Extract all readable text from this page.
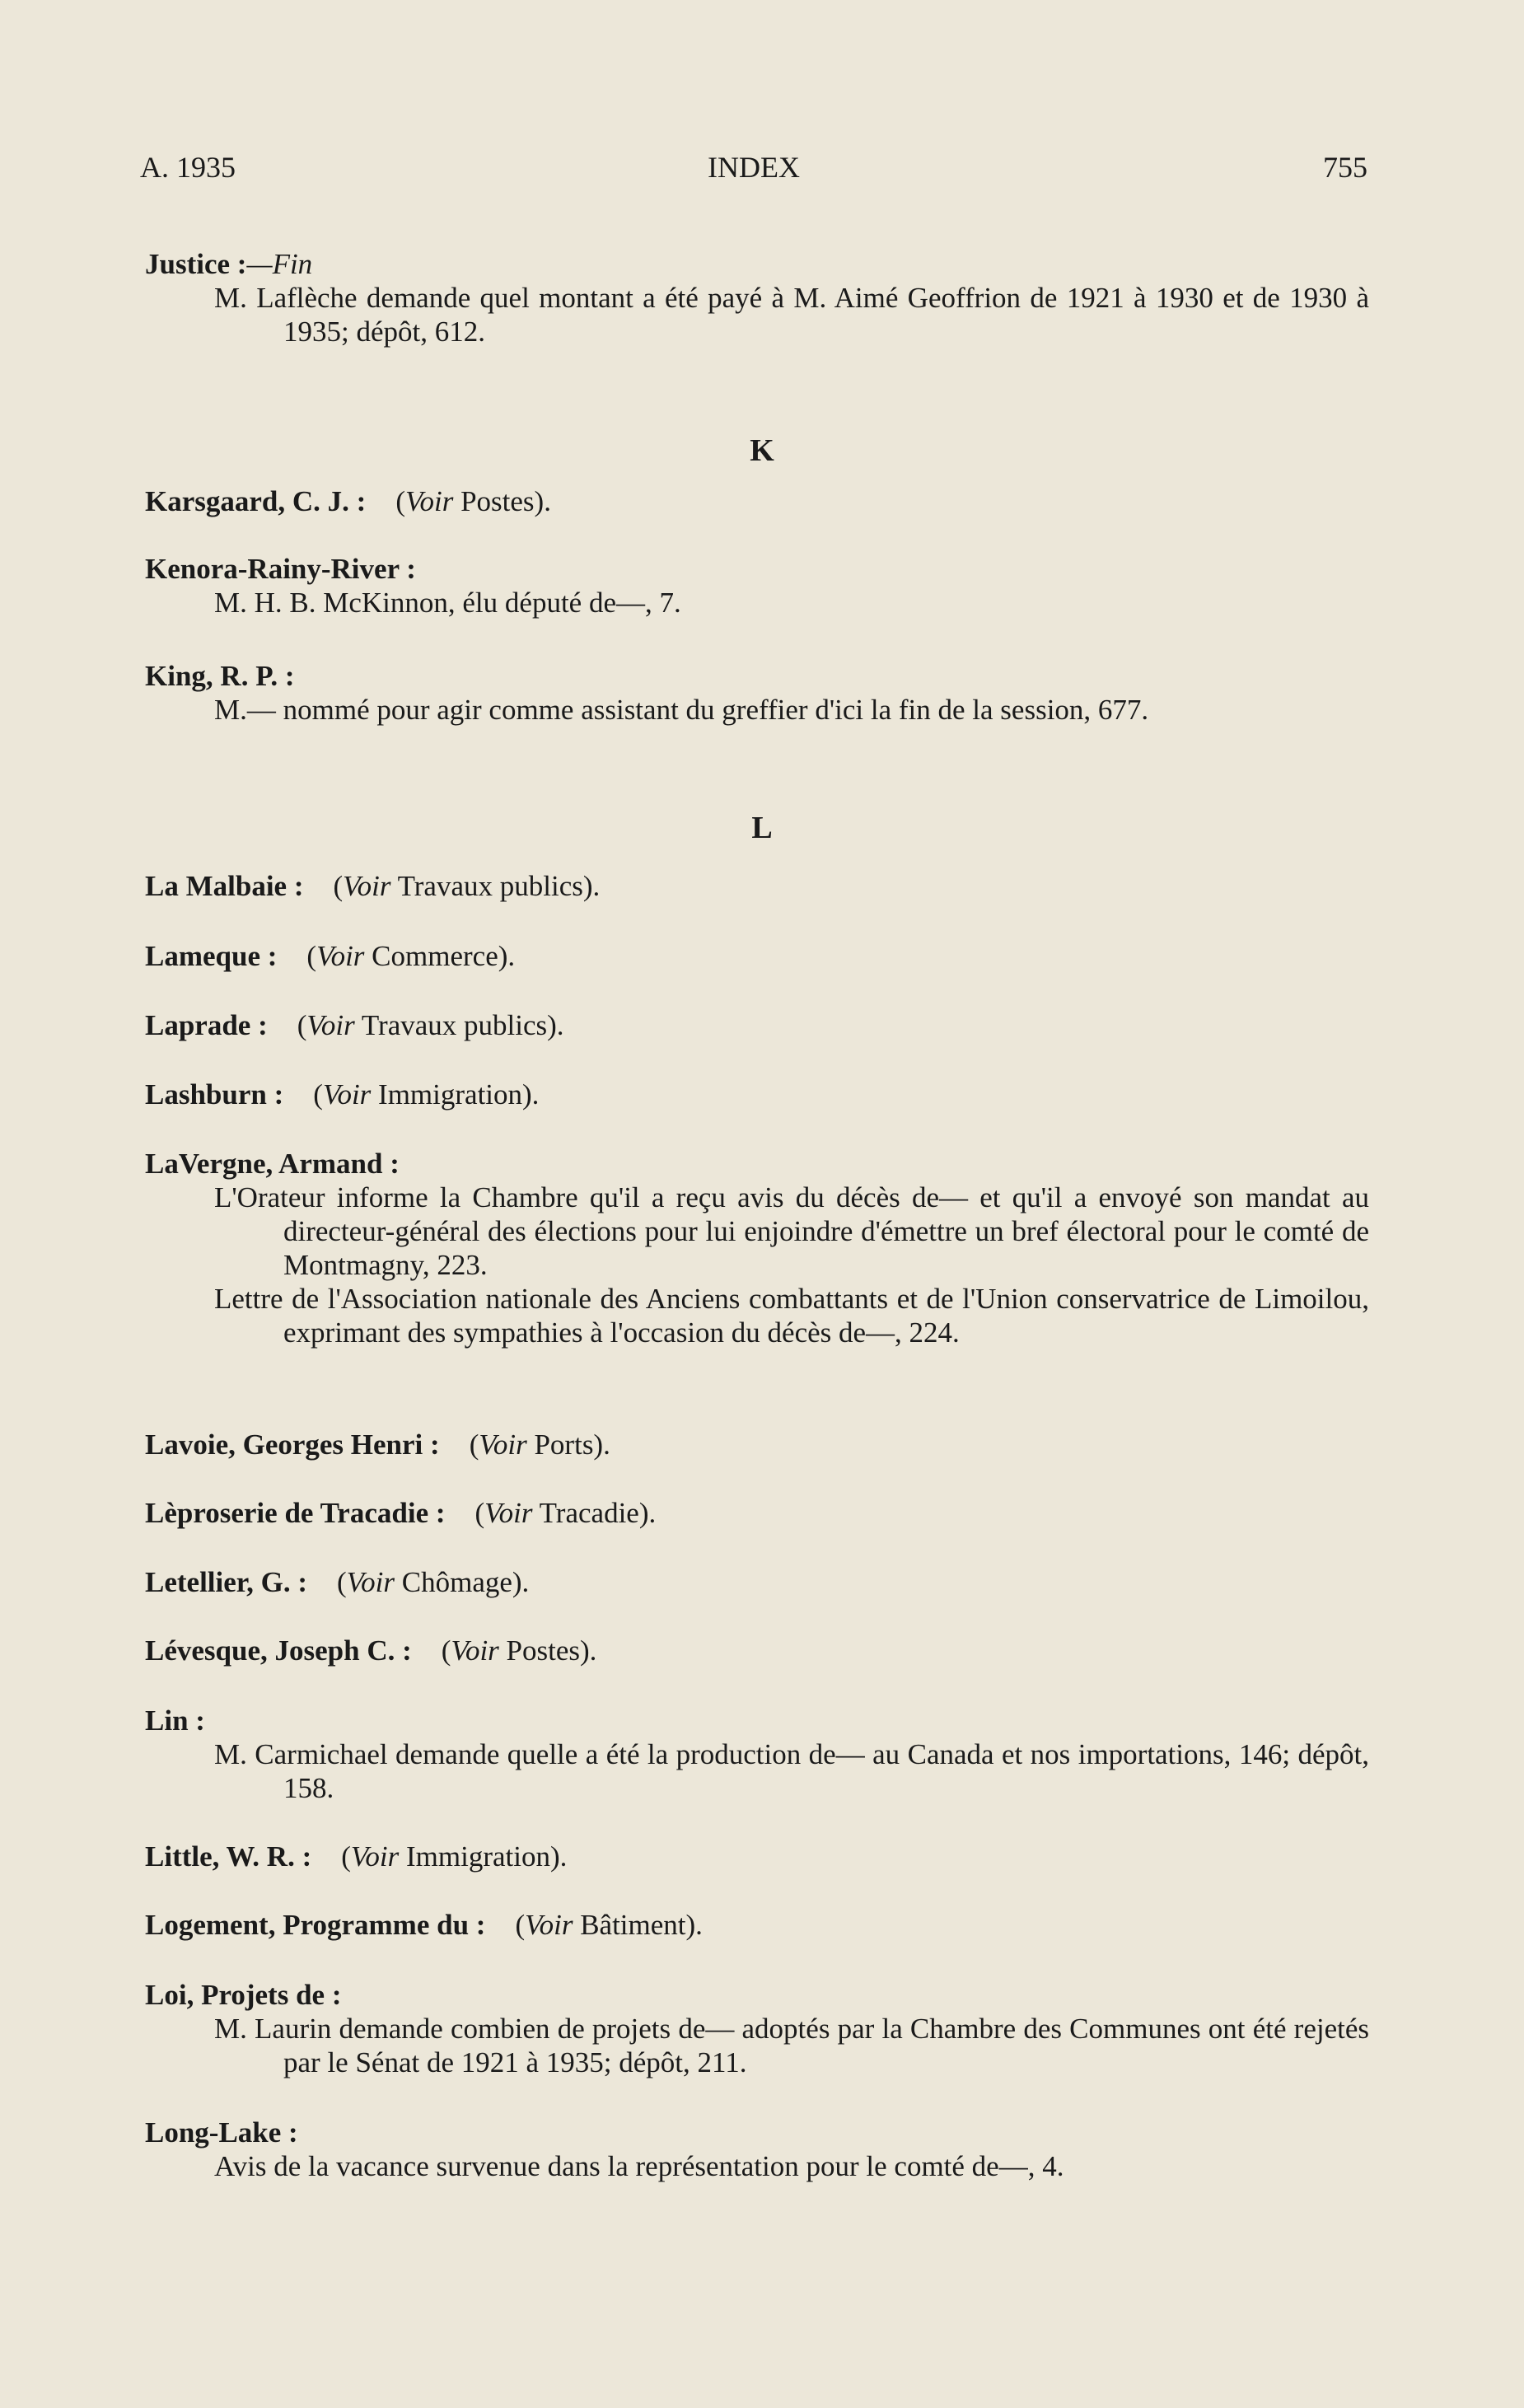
A. 1935	INDEX	755
Justice :—Fin
M. Laflèche demande quel montant a été payé à M. Aimé Geoffrion de 1921 à 1930 et de 1930 à 1935; dépôt, 612.
K
Karsgaard, C. J. : (Voir Postes).
Kenora-Rainy-River :
M. H. B. McKinnon, élu député de—, 7.
King, R. P. :
M.— nommé pour agir comme assistant du greffier d'ici la fin de la session, 677.
L
La Malbaie : (Voir Travaux publics).
Lameque : (Voir Commerce).
Laprade : (Voir Travaux publics).
Lashburn : (Voir Immigration).
LaVergne, Armand :
L'Orateur informe la Chambre qu'il a reçu avis du décès de— et qu'il a envoyé son mandat au directeur-général des élections pour lui enjoindre d'émettre un bref électoral pour le comté de Montmagny, 223.
Lettre de l'Association nationale des Anciens combattants et de l'Union conservatrice de Limoilou, exprimant des sympathies à l'occasion du décès de—, 224.
Lavoie, Georges Henri : (Voir Ports).
Lèproserie de Tracadie : (Voir Tracadie).
Letellier, G. : (Voir Chômage).
Lévesque, Joseph C. : (Voir Postes).
Lin :
M. Carmichael demande quelle a été la production de— au Canada et nos importations, 146; dépôt, 158.
Little, W. R. : (Voir Immigration).
Logement, Programme du : (Voir Bâtiment).
Loi, Projets de :
M. Laurin demande combien de projets de— adoptés par la Chambre des Communes ont été rejetés par le Sénat de 1921 à 1935; dépôt, 211.
Long-Lake :
Avis de la vacance survenue dans la représentation pour le comté de—, 4.
